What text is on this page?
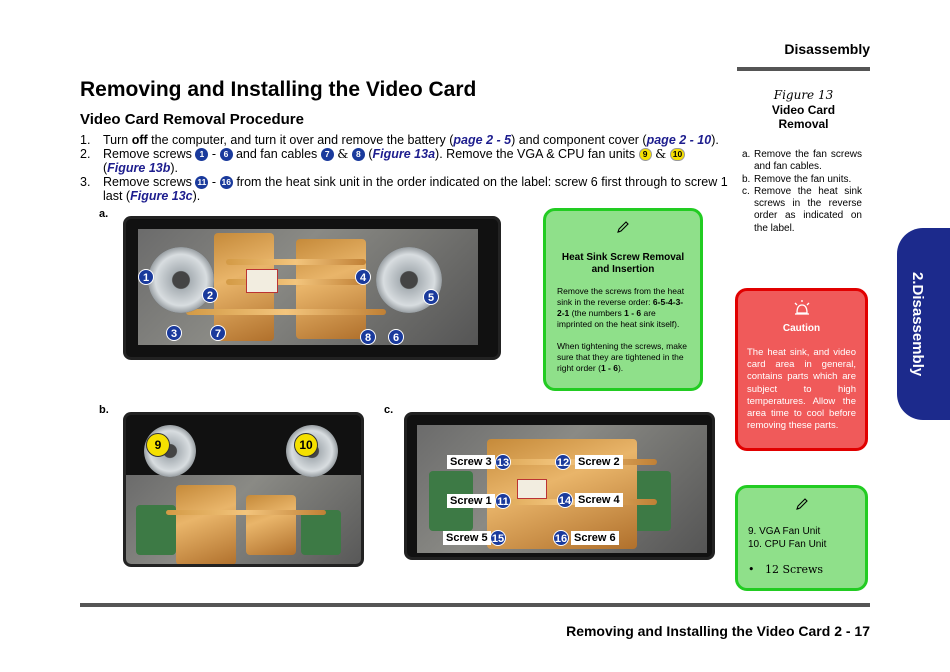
Disassembly
Removing and Installing the Video Card
Video Card Removal Procedure
1. Turn off the computer, and turn it over and remove the battery (page 2 - 5) and component cover (page 2 - 10).
2. Remove screws 1 - 6 and fan cables 7 & 8 (Figure 13a). Remove the VGA & CPU fan units 9 & 10
(Figure 13b).
3. Remove screws 11 - 16 from the heat sink unit in the order indicated on the label: screw 6 first through to screw 1 last (Figure 13c).
Figure 13
Video Card
Removal
a. Remove the fan screws and fan cables.
b. Remove the fan units.
c. Remove the heat sink screws in the reverse order as indicated on the label.
2.Disassembly
a.
1
2
3
4
5
6
7	8
b.
9	10
c.
Screw 3 13	12 Screw 2
Screw 1 11	14 Screw 4
Screw 5 15	16 Screw 6
Heat Sink Screw Removal
and Insertion
Remove the screws from the heat sink in the reverse order: 6-5-4-3-2-1 (the numbers 1 - 6 are imprinted on the heat sink itself).
When tightening the screws, make sure that they are tightened in the right order (1 - 6).
Caution
The heat sink, and video card area in general, contains parts which are subject to high temperatures. Allow the area time to cool before removing these parts.
9. VGA Fan Unit
10. CPU Fan Unit
• 12 Screws
Removing and Installing the Video Card 2 - 17
